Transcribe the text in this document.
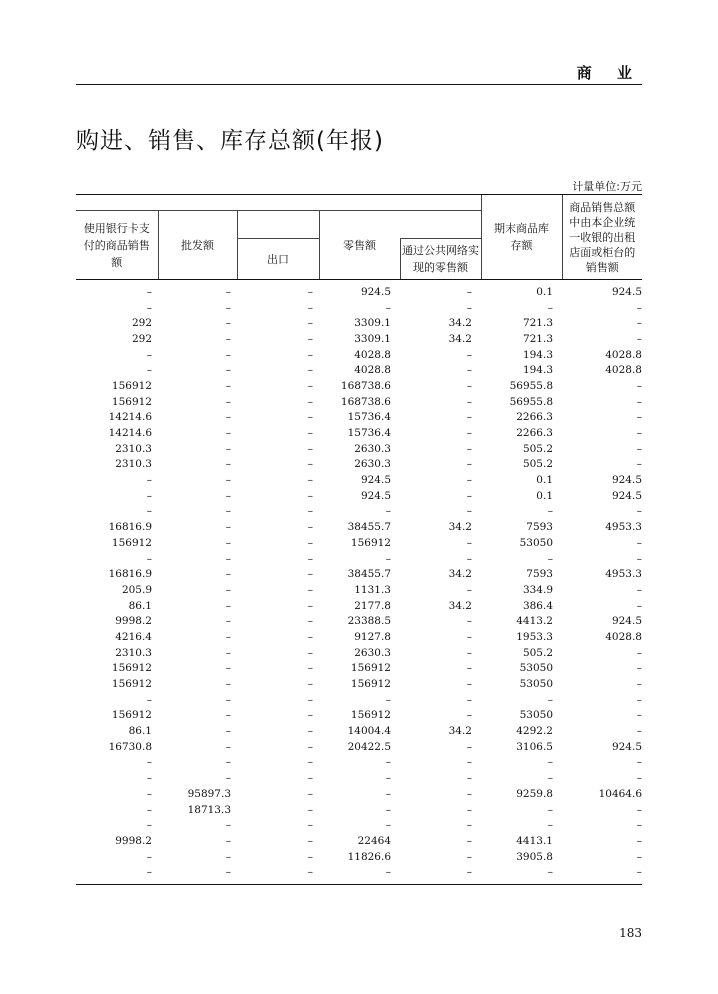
商 业
购进、销售、库存总额(年报)
计量单位:万元

					期末商品库存额	商品销售总额中由本企业统一收银的出租店面或柜台的销售额

使用银行卡支付的商品销售额	批发额		零售额			
		出口		通过公共网络实现的零售额		

–	–	–	924.5	–	0.1	924.5
–	–	–	–	–	–	–
292	–	–	3309.1	34.2	721.3	–
292	–	–	3309.1	34.2	721.3	–
–	–	–	4028.8	–	194.3	4028.8
–	–	–	4028.8	–	194.3	4028.8
156912	–	–	168738.6	–	56955.8	–
156912	–	–	168738.6	–	56955.8	–
14214.6	–	–	15736.4	–	2266.3	–
14214.6	–	–	15736.4	–	2266.3	–
2310.3	–	–	2630.3	–	505.2	–
2310.3	–	–	2630.3	–	505.2	–
–	–	–	924.5	–	0.1	924.5
–	–	–	924.5	–	0.1	924.5
–	–	–	–	–	–	–
16816.9	–	–	38455.7	34.2	7593	4953.3
156912	–	–	156912	–	53050	–
–	–	–	–	–	–	–
16816.9	–	–	38455.7	34.2	7593	4953.3
205.9	–	–	1131.3	–	334.9	–
86.1	–	–	2177.8	34.2	386.4	–
9998.2	–	–	23388.5	–	4413.2	924.5
4216.4	–	–	9127.8	–	1953.3	4028.8
2310.3	–	–	2630.3	–	505.2	–
156912	–	–	156912	–	53050	–
156912	–	–	156912	–	53050	–
–	–	–	–	–	–	–
156912	–	–	156912	–	53050	–
86.1	–	–	14004.4	34.2	4292.2	–
16730.8	–	–	20422.5	–	3106.5	924.5
–	–	–	–	–	–	–
–	–	–	–	–	–	–
–	95897.3	–	–	–	9259.8	10464.6
–	18713.3	–	–	–	–	–
–	–	–	–	–	–	–
9998.2	–	–	22464	–	4413.1	–
–	–	–	11826.6	–	3905.8	–
–	–	–	–	–	–	–
183
